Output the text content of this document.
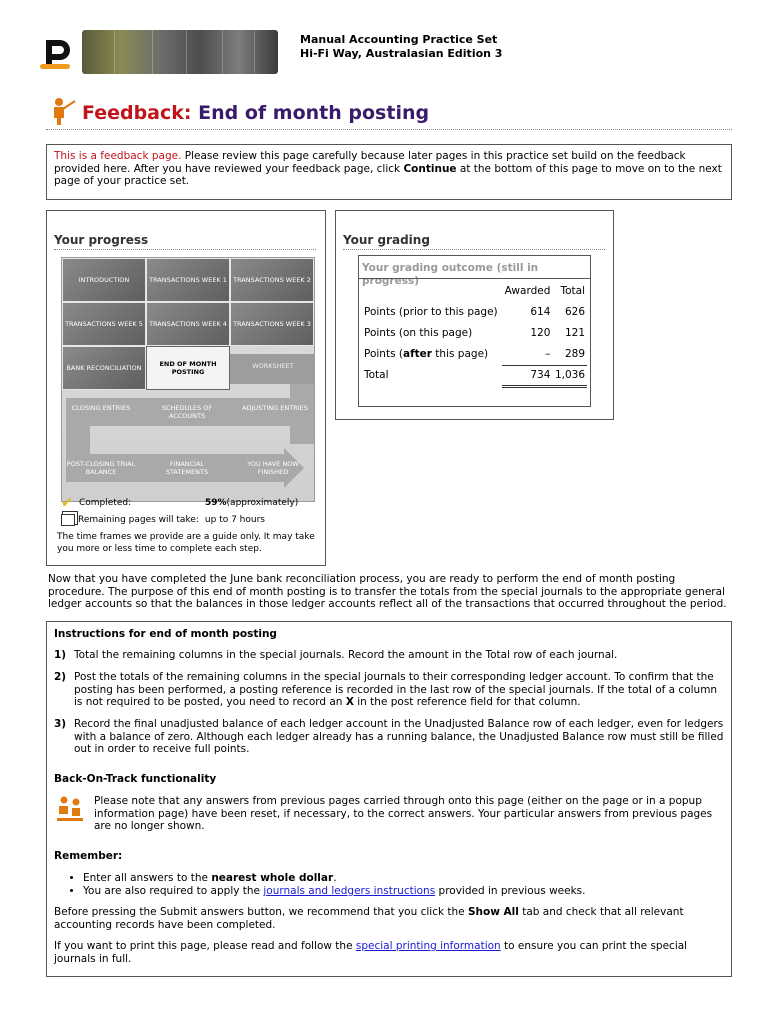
Manual Accounting Practice Set
Hi-Fi Way, Australasian Edition 3
Feedback: End of month posting
This is a feedback page. Please review this page carefully because later pages in this practice set build on the feedback provided here. After you have reviewed your feedback page, click Continue at the bottom of this page to move on to the next page of your practice set.
Your progress
INTRODUCTION	TRANSACTIONS WEEK 1 TRANSACTIONS WEEK 2
TRANSACTIONS WEEK 5 TRANSACTIONS WEEK 4 TRANSACTIONS WEEK 3
BANK RECONCILIATION	END OF MONTH POSTING
WORKSHEET
CLOSING ENTRIES	SCHEDULES OF ACCOUNTS
ADJUSTING ENTRIES
POST-CLOSING TRIAL BALANCE
FINANCIAL STATEMENTS
YOU HAVE NOW FINISHED
✔ Completed:	59% (approximately)
Remaining pages will take: up to 7 hours
The time frames we provide are a guide only. It may take you more or less time to complete each step.
Your grading
Your grading outcome (still in progress)
	Awarded	Total
Points (prior to this page)	614	626
Points (on this page)	120	121
Points (after this page)	–	289
Total	734	1,036
Now that you have completed the June bank reconciliation process, you are ready to perform the end of month posting procedure. The purpose of this end of month posting is to transfer the totals from the special journals to the appropriate general ledger accounts so that the balances in those ledger accounts reflect all of the transactions that occurred throughout the period.
Instructions for end of month posting
1) Total the remaining columns in the special journals. Record the amount in the Total row of each journal.
2) Post the totals of the remaining columns in the special journals to their corresponding ledger account. To confirm that the posting has been performed, a posting reference is recorded in the last row of the special journals. If the total of a column is not required to be posted, you need to record an X in the post reference field for that column.
3) Record the final unadjusted balance of each ledger account in the Unadjusted Balance row of each ledger, even for ledgers with a balance of zero. Although each ledger already has a running balance, the Unadjusted Balance row must still be filled out in order to receive full points.
Back-On-Track functionality
Please note that any answers from previous pages carried through onto this page (either on the page or in a popup information page) have been reset, if necessary, to the correct answers. Your particular answers from previous pages are no longer shown.
Remember:
• Enter all answers to the nearest whole dollar.
• You are also required to apply the journals and ledgers instructions provided in previous weeks.
Before pressing the Submit answers button, we recommend that you click the Show All tab and check that all relevant accounting records have been completed.
If you want to print this page, please read and follow the special printing information to ensure you can print the special journals in full.
